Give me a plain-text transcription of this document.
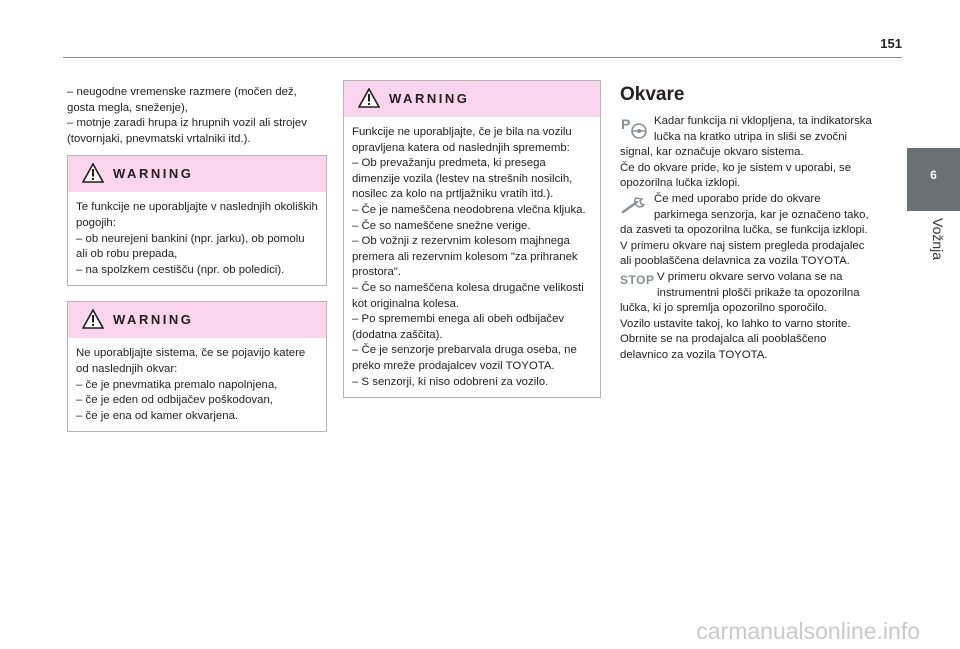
151
6
Vožnja

– neugodne vremenske razmere (močen dež, gosta megla, sneženje),

– motnje zaradi hrupa iz hrupnih vozil ali strojev (tovornjaki, pnevmatski vrtalniki itd.).

WARNING

Te funkcije ne uporabljajte v naslednjih okoliških pogojih:

– ob neurejeni bankini (npr. jarku), ob pomolu ali ob robu prepada,

– na spolzkem cestišču (npr. ob poledici).

WARNING

Ne uporabljajte sistema, če se pojavijo katere od naslednjih okvar:

– če je pnevmatika premalo napolnjena,

– če je eden od odbijačev poškodovan,

– če je ena od kamer okvarjena.

WARNING

Funkcije ne uporabljajte, če je bila na vozilu opravljena katera od naslednjih sprememb:

– Ob prevažanju predmeta, ki presega dimenzije vozila (lestev na strešnih nosilcih, nosilec za kolo na prtljažniku vratih itd.).

– Če je nameščena neodobrena vlečna kljuka.

– Če so nameščene snežne verige.

– Ob vožnji z rezervnim kolesom majhnega premera ali rezervnim kolesom "za prihranek prostora".

– Če so nameščena kolesa drugačne velikosti kot originalna kolesa.

– Po spremembi enega ali obeh odbijačev (dodatna zaščita).

– Če je senzorje prebarvala druga oseba, ne preko mreže prodajalcev vozil TOYOTA.

– S senzorji, ki niso odobreni za vozilo.

Okvare
P	Kadar funkcija ni vklopljena, ta indikatorska lučka na kratko utripa in sliši se zvočni signal, kar označuje okvaro sistema.

Če do okvare pride, ko je sistem v uporabi, se opozorilna lučka izklopi.

Če med uporabo pride do okvare parkirnega senzorja, kar je označeno tako, da zasveti ta opozorilna lučka, se funkcija izklopi.

V primeru okvare naj sistem pregleda prodajalec ali pooblaščena delavnica za vozila TOYOTA.

STOP V primeru okvare servo volana se na instrumentni plošči prikaže ta opozorilna lučka, ki jo spremlja opozorilno sporočilo.

Vozilo ustavite takoj, ko lahko to varno storite.

Obrnite se na prodajalca ali pooblaščeno delavnico za vozila TOYOTA.

carmanualsonline.info
